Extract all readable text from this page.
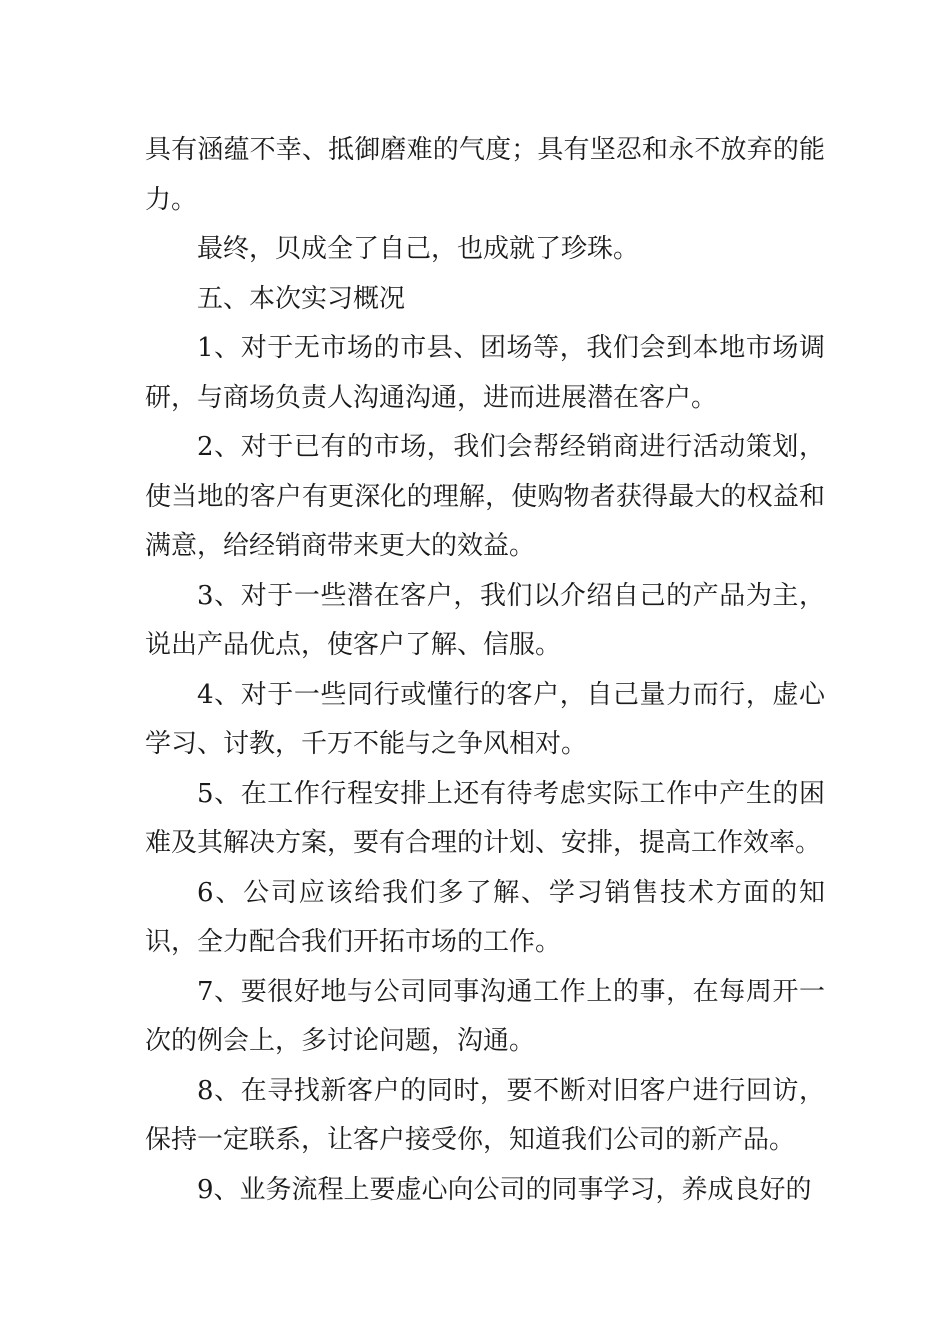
具有涵蕴不幸、抵御磨难的气度；具有坚忍和永不放弃的能力。

最终，贝成全了自己，也成就了珍珠。

五、本次实习概况

1、对于无市场的市县、团场等，我们会到本地市场调研，与商场负责人沟通沟通，进而进展潜在客户。

2、对于已有的市场，我们会帮经销商进行活动策划，使当地的客户有更深化的理解，使购物者获得最大的权益和满意，给经销商带来更大的效益。

3、对于一些潜在客户，我们以介绍自己的产品为主，说出产品优点，使客户了解、信服。

4、对于一些同行或懂行的客户，自己量力而行，虚心学习、讨教，千万不能与之争风相对。

5、在工作行程安排上还有待考虑实际工作中产生的困难及其解决方案，要有合理的计划、安排，提高工作效率。

6、公司应该给我们多了解、学习销售技术方面的知识，全力配合我们开拓市场的工作。

7、要很好地与公司同事沟通工作上的事，在每周开一次的例会上，多讨论问题，沟通。

8、在寻找新客户的同时，要不断对旧客户进行回访，保持一定联系，让客户接受你，知道我们公司的新产品。

9、业务流程上要虚心向公司的同事学习，养成良好的
